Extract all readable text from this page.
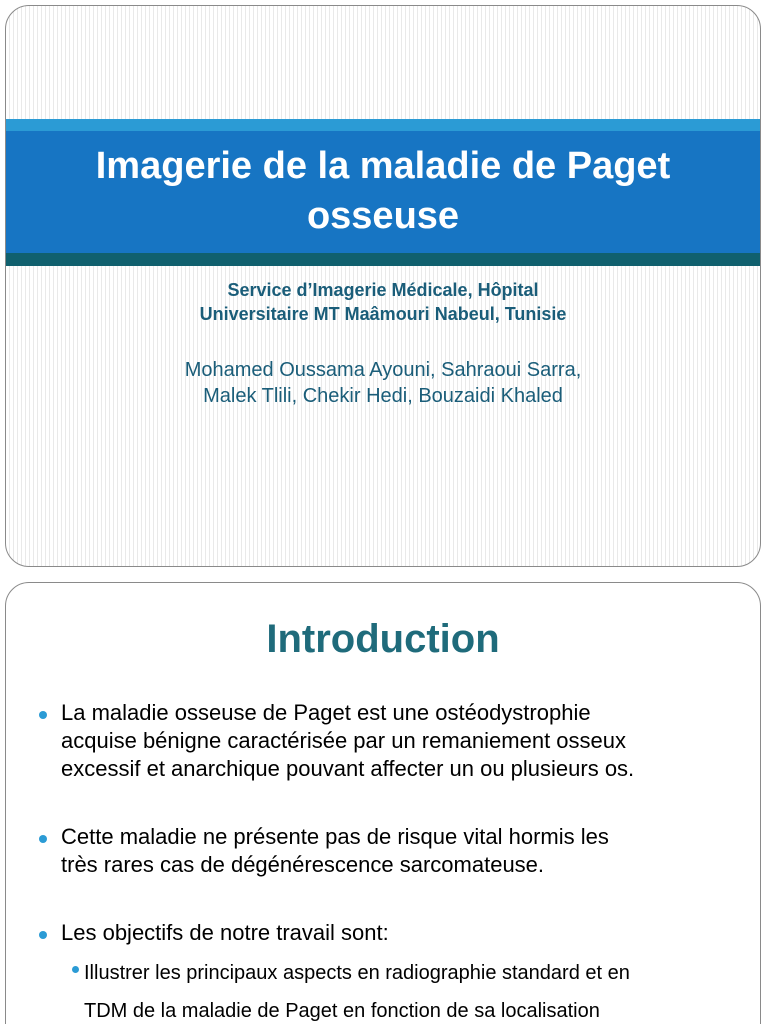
Imagerie de la maladie de Paget
osseuse
Service d’Imagerie Médicale, Hôpital
Universitaire MT Maâmouri Nabeul, Tunisie
Mohamed Oussama Ayouni, Sahraoui Sarra,
Malek Tlili, Chekir Hedi, Bouzaidi Khaled
Introduction
La maladie osseuse de Paget est une ostéodystrophie
acquise bénigne caractérisée par un remaniement osseux
excessif et anarchique pouvant affecter un ou plusieurs os.
Cette maladie ne présente pas de risque vital hormis les
très rares cas de dégénérescence sarcomateuse.
Les objectifs de notre travail sont:
Illustrer les principaux aspects en radiographie standard et en
TDM de la maladie de Paget en fonction de sa localisation
